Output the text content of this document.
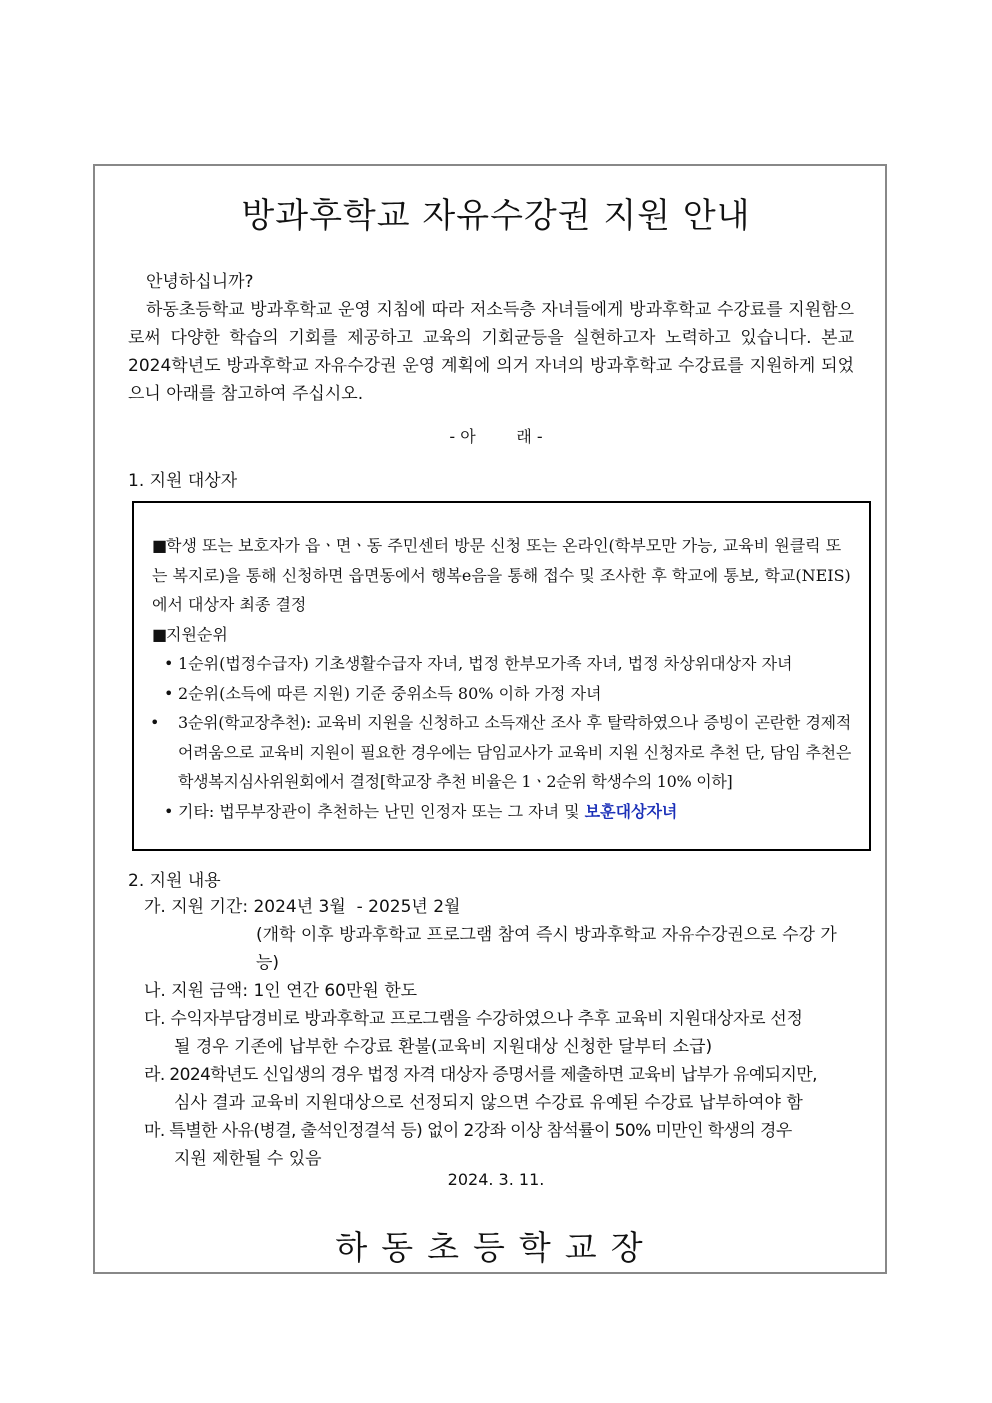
방과후학교 자유수강권 지원 안내

안녕하십니까?

하동초등학교 방과후학교 운영 지침에 따라 저소득층 자녀들에게 방과후학교 수강료를 지원함으로써 다양한 학습의 기회를 제공하고 교육의 기회균등을 실현하고자 노력하고 있습니다. 본교 2024학년도 방과후학교 자유수강권 운영 계획에 의거 자녀의 방과후학교 수강료를 지원하게 되었으니 아래를 참고하여 주십시오.

- 아        래 -
1. 지원 대상자

■학생 또는 보호자가 읍ㆍ면ㆍ동 주민센터 방문 신청 또는 온라인(학부모만 가능, 교육비 원클릭 또는 복지로)을 통해 신청하면 읍면동에서 행복e음을 통해 접수 및 조사한 후 학교에 통보, 학교(NEIS)에서 대상자 최종 결정

■지원순위

• 1순위(법정수급자) 기초생활수급자 자녀, 법정 한부모가족 자녀, 법정 차상위대상자 자녀

• 2순위(소득에 따른 지원) 기준 중위소득 80% 이하 가정 자녀

• 3순위(학교장추천): 교육비 지원을 신청하고 소득재산 조사 후 탈락하였으나 증빙이 곤란한 경제적 어려움으로 교육비 지원이 필요한 경우에는 담임교사가 교육비 지원 신청자로 추천 단, 담임 추천은 학생복지심사위원회에서 결정[학교장 추천 비율은 1ㆍ2순위 학생수의 10% 이하]

• 기타: 법무부장관이 추천하는 난민 인정자 또는 그 자녀 및 보훈대상자녀

2. 지원 내용

가. 지원 기간: 2024년 3월  - 2025년 2월

(개학 이후 방과후학교 프로그램 참여 즉시 방과후학교 자유수강권으로 수강 가능)

나. 지원 금액: 1인 연간 60만원 한도

다. 수익자부담경비로 방과후학교 프로그램을 수강하였으나 추후 교육비 지원대상자로 선정

될 경우 기존에 납부한 수강료 환불(교육비 지원대상 신청한 달부터 소급)

라. 2024학년도 신입생의 경우 법정 자격 대상자 증명서를 제출하면 교육비 납부가 유예되지만,

심사 결과 교육비 지원대상으로 선정되지 않으면 수강료 유예된 수강료 납부하여야 함

마. 특별한 사유(병결, 출석인정결석 등) 없이 2강좌 이상 참석률이 50% 미만인 학생의 경우

지원 제한될 수 있음

2024. 3. 11.
하동초등학교장
